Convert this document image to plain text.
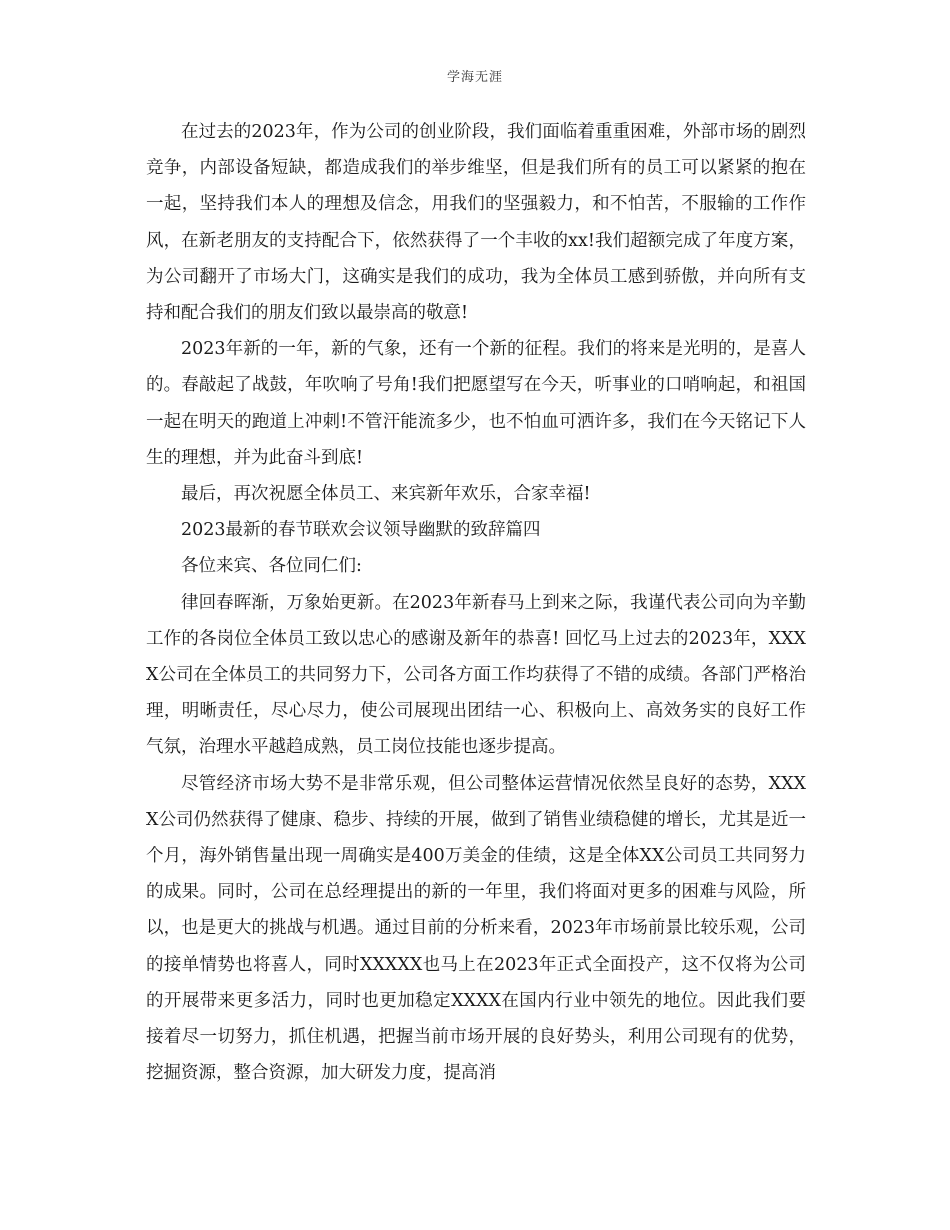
学海无涯

在过去的2023年，作为公司的创业阶段，我们面临着重重困难，外部市场的剧烈竞争，内部设备短缺，都造成我们的举步维坚，但是我们所有的员工可以紧紧的抱在一起，坚持我们本人的理想及信念，用我们的坚强毅力，和不怕苦，不服输的工作作风，在新老朋友的支持配合下，依然获得了一个丰收的xx!我们超额完成了年度方案，为公司翻开了市场大门，这确实是我们的成功，我为全体员工感到骄傲，并向所有支持和配合我们的朋友们致以最崇高的敬意!

2023年新的一年，新的气象，还有一个新的征程。我们的将来是光明的，是喜人的。春敲起了战鼓，年吹响了号角!我们把愿望写在今天，听事业的口哨响起，和祖国一起在明天的跑道上冲刺!不管汗能流多少，也不怕血可洒许多，我们在今天铭记下人生的理想，并为此奋斗到底!

最后，再次祝愿全体员工、来宾新年欢乐，合家幸福!

2023最新的春节联欢会议领导幽默的致辞篇四

各位来宾、各位同仁们:

律回春晖渐，万象始更新。在2023年新春马上到来之际，我谨代表公司向为辛勤工作的各岗位全体员工致以忠心的感谢及新年的恭喜! 回忆马上过去的2023年，XXXX公司在全体员工的共同努力下，公司各方面工作均获得了不错的成绩。各部门严格治理，明晰责任，尽心尽力，使公司展现出团结一心、积极向上、高效务实的良好工作气氛，治理水平越趋成熟，员工岗位技能也逐步提高。

尽管经济市场大势不是非常乐观，但公司整体运营情况依然呈良好的态势，XXXX公司仍然获得了健康、稳步、持续的开展，做到了销售业绩稳健的增长，尤其是近一个月，海外销售量出现一周确实是400万美金的佳绩，这是全体XX公司员工共同努力的成果。同时，公司在总经理提出的新的一年里，我们将面对更多的困难与风险，所以，也是更大的挑战与机遇。通过目前的分析来看，2023年市场前景比较乐观，公司的接单情势也将喜人，同时XXXXX也马上在2023年正式全面投产，这不仅将为公司的开展带来更多活力，同时也更加稳定XXXX在国内行业中领先的地位。因此我们要接着尽一切努力，抓住机遇，把握当前市场开展的良好势头，利用公司现有的优势，挖掘资源，整合资源，加大研发力度，提高消
